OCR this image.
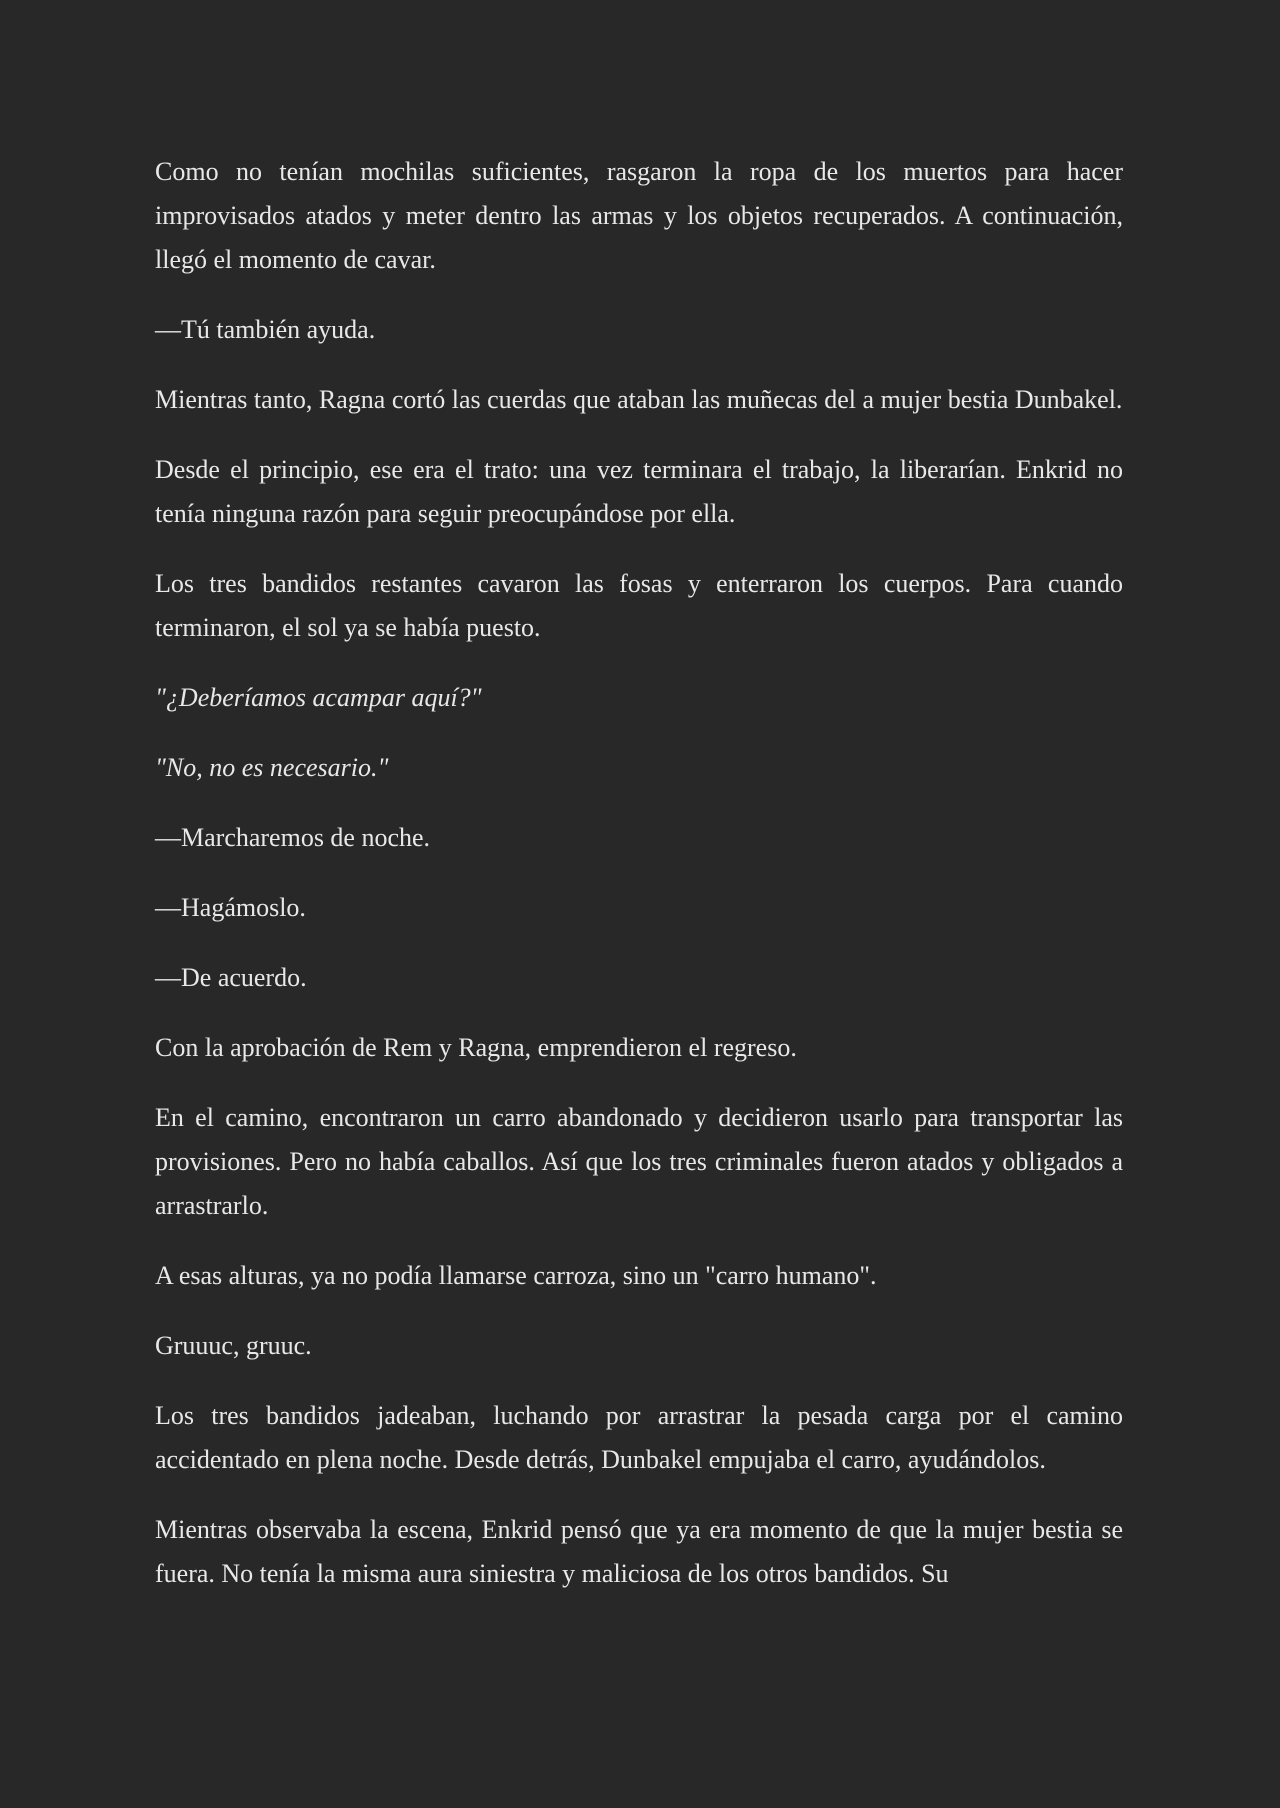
Como no tenían mochilas suficientes, rasgaron la ropa de los muertos para hacer improvisados atados y meter dentro las armas y los objetos recuperados. A continuación, llegó el momento de cavar.

—Tú también ayuda.

Mientras tanto, Ragna cortó las cuerdas que ataban las muñecas del a mujer bestia Dunbakel.

Desde el principio, ese era el trato: una vez terminara el trabajo, la liberarían. Enkrid no tenía ninguna razón para seguir preocupándose por ella.

Los tres bandidos restantes cavaron las fosas y enterraron los cuerpos. Para cuando terminaron, el sol ya se había puesto.

"¿Deberíamos acampar aquí?"

"No, no es necesario."

—Marcharemos de noche.

—Hagámoslo.

—De acuerdo.

Con la aprobación de Rem y Ragna, emprendieron el regreso.

En el camino, encontraron un carro abandonado y decidieron usarlo para transportar las provisiones. Pero no había caballos. Así que los tres criminales fueron atados y obligados a arrastrarlo.

A esas alturas, ya no podía llamarse carroza, sino un "carro humano".

Gruuuc, gruuc.

Los tres bandidos jadeaban, luchando por arrastrar la pesada carga por el camino accidentado en plena noche. Desde detrás, Dunbakel empujaba el carro, ayudándolos.

Mientras observaba la escena, Enkrid pensó que ya era momento de que la mujer bestia se fuera. No tenía la misma aura siniestra y maliciosa de los otros bandidos. Su
